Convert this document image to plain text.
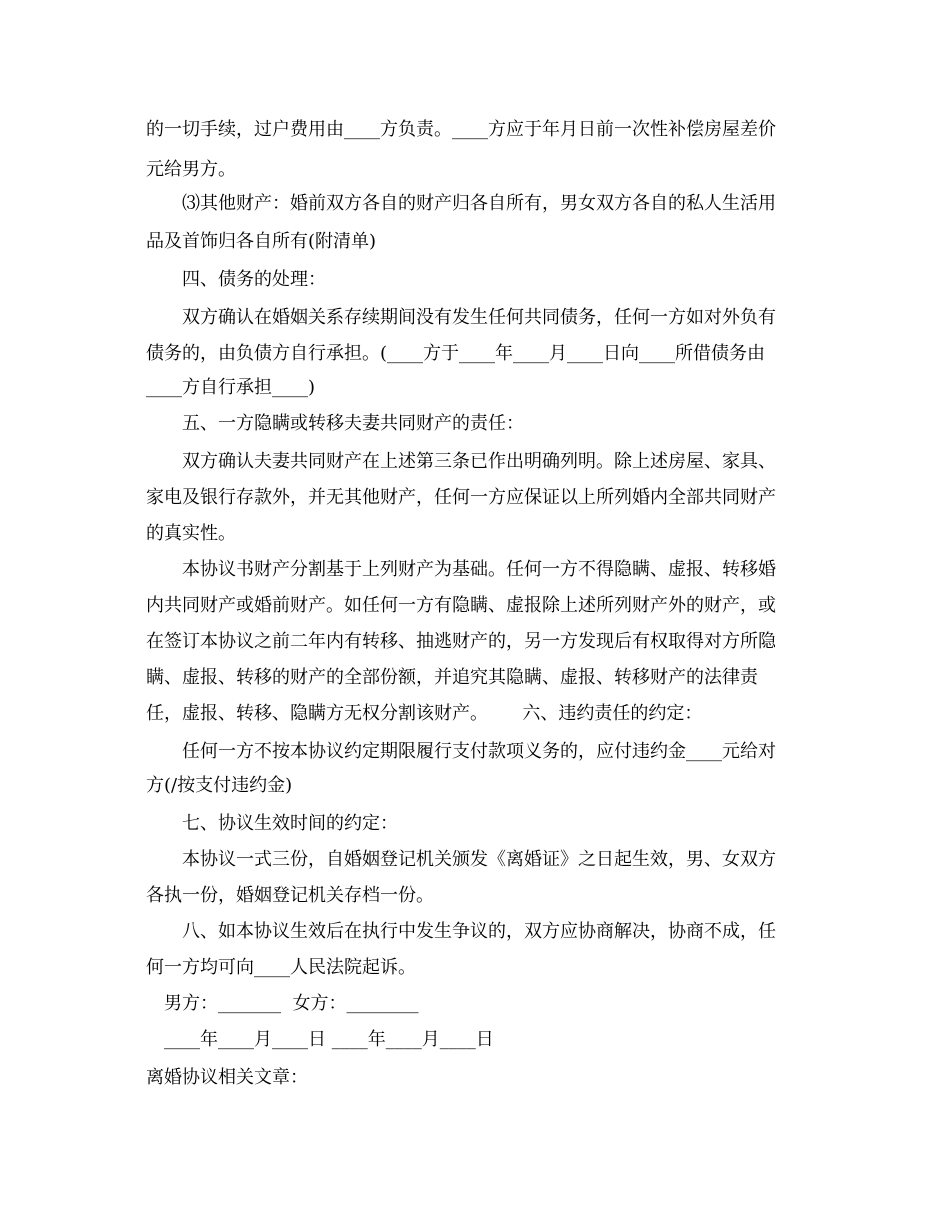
的一切手续，过户费用由____方负责。____方应于年月日前一次性补偿房屋差价
元给男方。
⑶其他财产：婚前双方各自的财产归各自所有，男女双方各自的私人生活用
品及首饰归各自所有(附清单)
四、债务的处理：
双方确认在婚姻关系存续期间没有发生任何共同债务，任何一方如对外负有
债务的，由负债方自行承担。(____方于____年____月____日向____所借债务由
____方自行承担____)
五、一方隐瞒或转移夫妻共同财产的责任：
双方确认夫妻共同财产在上述第三条已作出明确列明。除上述房屋、家具、
家电及银行存款外，并无其他财产，任何一方应保证以上所列婚内全部共同财产
的真实性。
本协议书财产分割基于上列财产为基础。任何一方不得隐瞒、虚报、转移婚
内共同财产或婚前财产。如任何一方有隐瞒、虚报除上述所列财产外的财产，或
在签订本协议之前二年内有转移、抽逃财产的，另一方发现后有权取得对方所隐
瞒、虚报、转移的财产的全部份额，并追究其隐瞒、虚报、转移财产的法律责
任，虚报、转移、隐瞒方无权分割该财产。      六、违约责任的约定：
任何一方不按本协议约定期限履行支付款项义务的，应付违约金____元给对
方(/按支付违约金)
七、协议生效时间的约定：
本协议一式三份，自婚姻登记机关颁发《离婚证》之日起生效，男、女双方
各执一份，婚姻登记机关存档一份。
八、如本协议生效后在执行中发生争议的，双方应协商解决，协商不成，任
何一方均可向____人民法院起诉。
男方：_______  女方：________
____年____月____日 ____年____月____日
离婚协议相关文章：
